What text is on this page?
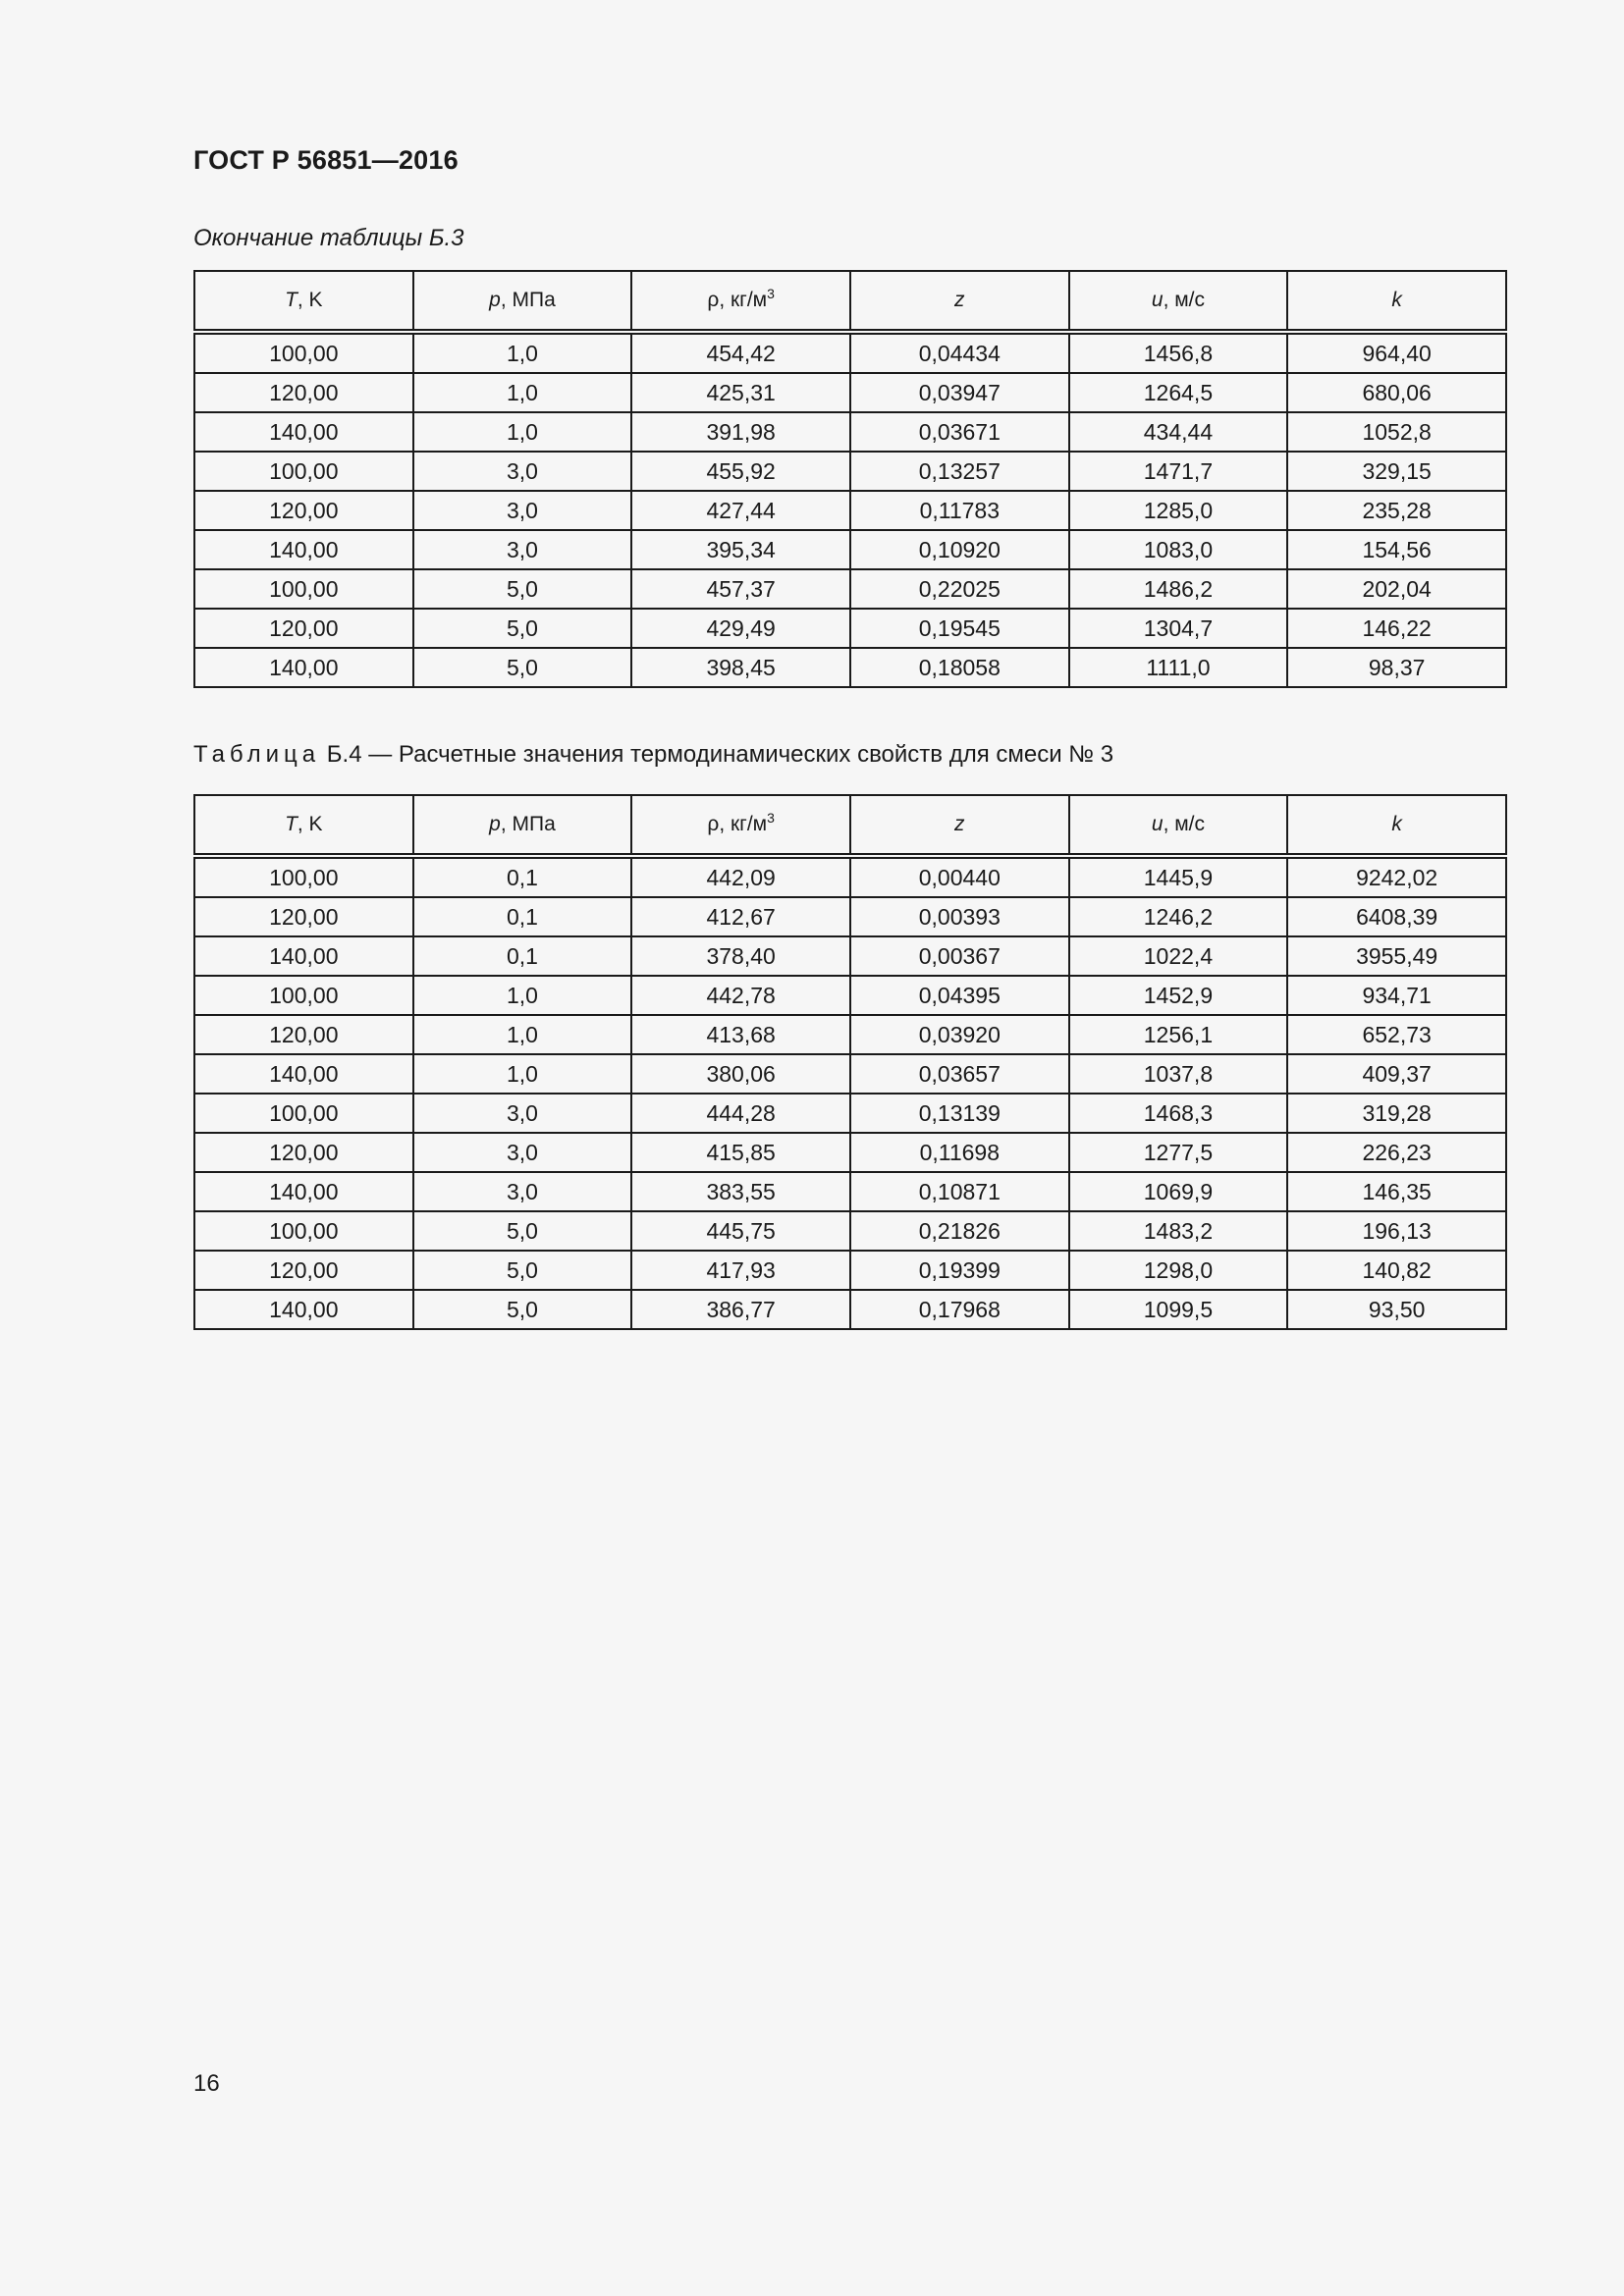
ГОСТ Р 56851—2016
Окончание таблицы Б.3
T, K	p, МПа	ρ, $кг/м^3$	z	u, м/с	k
100,00	1,0	454,42	0,04434	1456,8	964,40
120,00	1,0	425,31	0,03947	1264,5	680,06
140,00	1,0	391,98	0,03671	434,44	1052,8
100,00	3,0	455,92	0,13257	1471,7	329,15
120,00	3,0	427,44	0,11783	1285,0	235,28
140,00	3,0	395,34	0,10920	1083,0	154,56
100,00	5,0	457,37	0,22025	1486,2	202,04
120,00	5,0	429,49	0,19545	1304,7	146,22
140,00	5,0	398,45	0,18058	1111,0	98,37
Таблица Б.4 — Расчетные значения термодинамических свойств для смеси № 3
T, K	p, МПа	ρ, $кг/м^3$	z	u, м/с	k
100,00	0,1	442,09	0,00440	1445,9	9242,02
120,00	0,1	412,67	0,00393	1246,2	6408,39
140,00	0,1	378,40	0,00367	1022,4	3955,49
100,00	1,0	442,78	0,04395	1452,9	934,71
120,00	1,0	413,68	0,03920	1256,1	652,73
140,00	1,0	380,06	0,03657	1037,8	409,37
100,00	3,0	444,28	0,13139	1468,3	319,28
120,00	3,0	415,85	0,11698	1277,5	226,23
140,00	3,0	383,55	0,10871	1069,9	146,35
100,00	5,0	445,75	0,21826	1483,2	196,13
120,00	5,0	417,93	0,19399	1298,0	140,82
140,00	5,0	386,77	0,17968	1099,5	93,50
16
